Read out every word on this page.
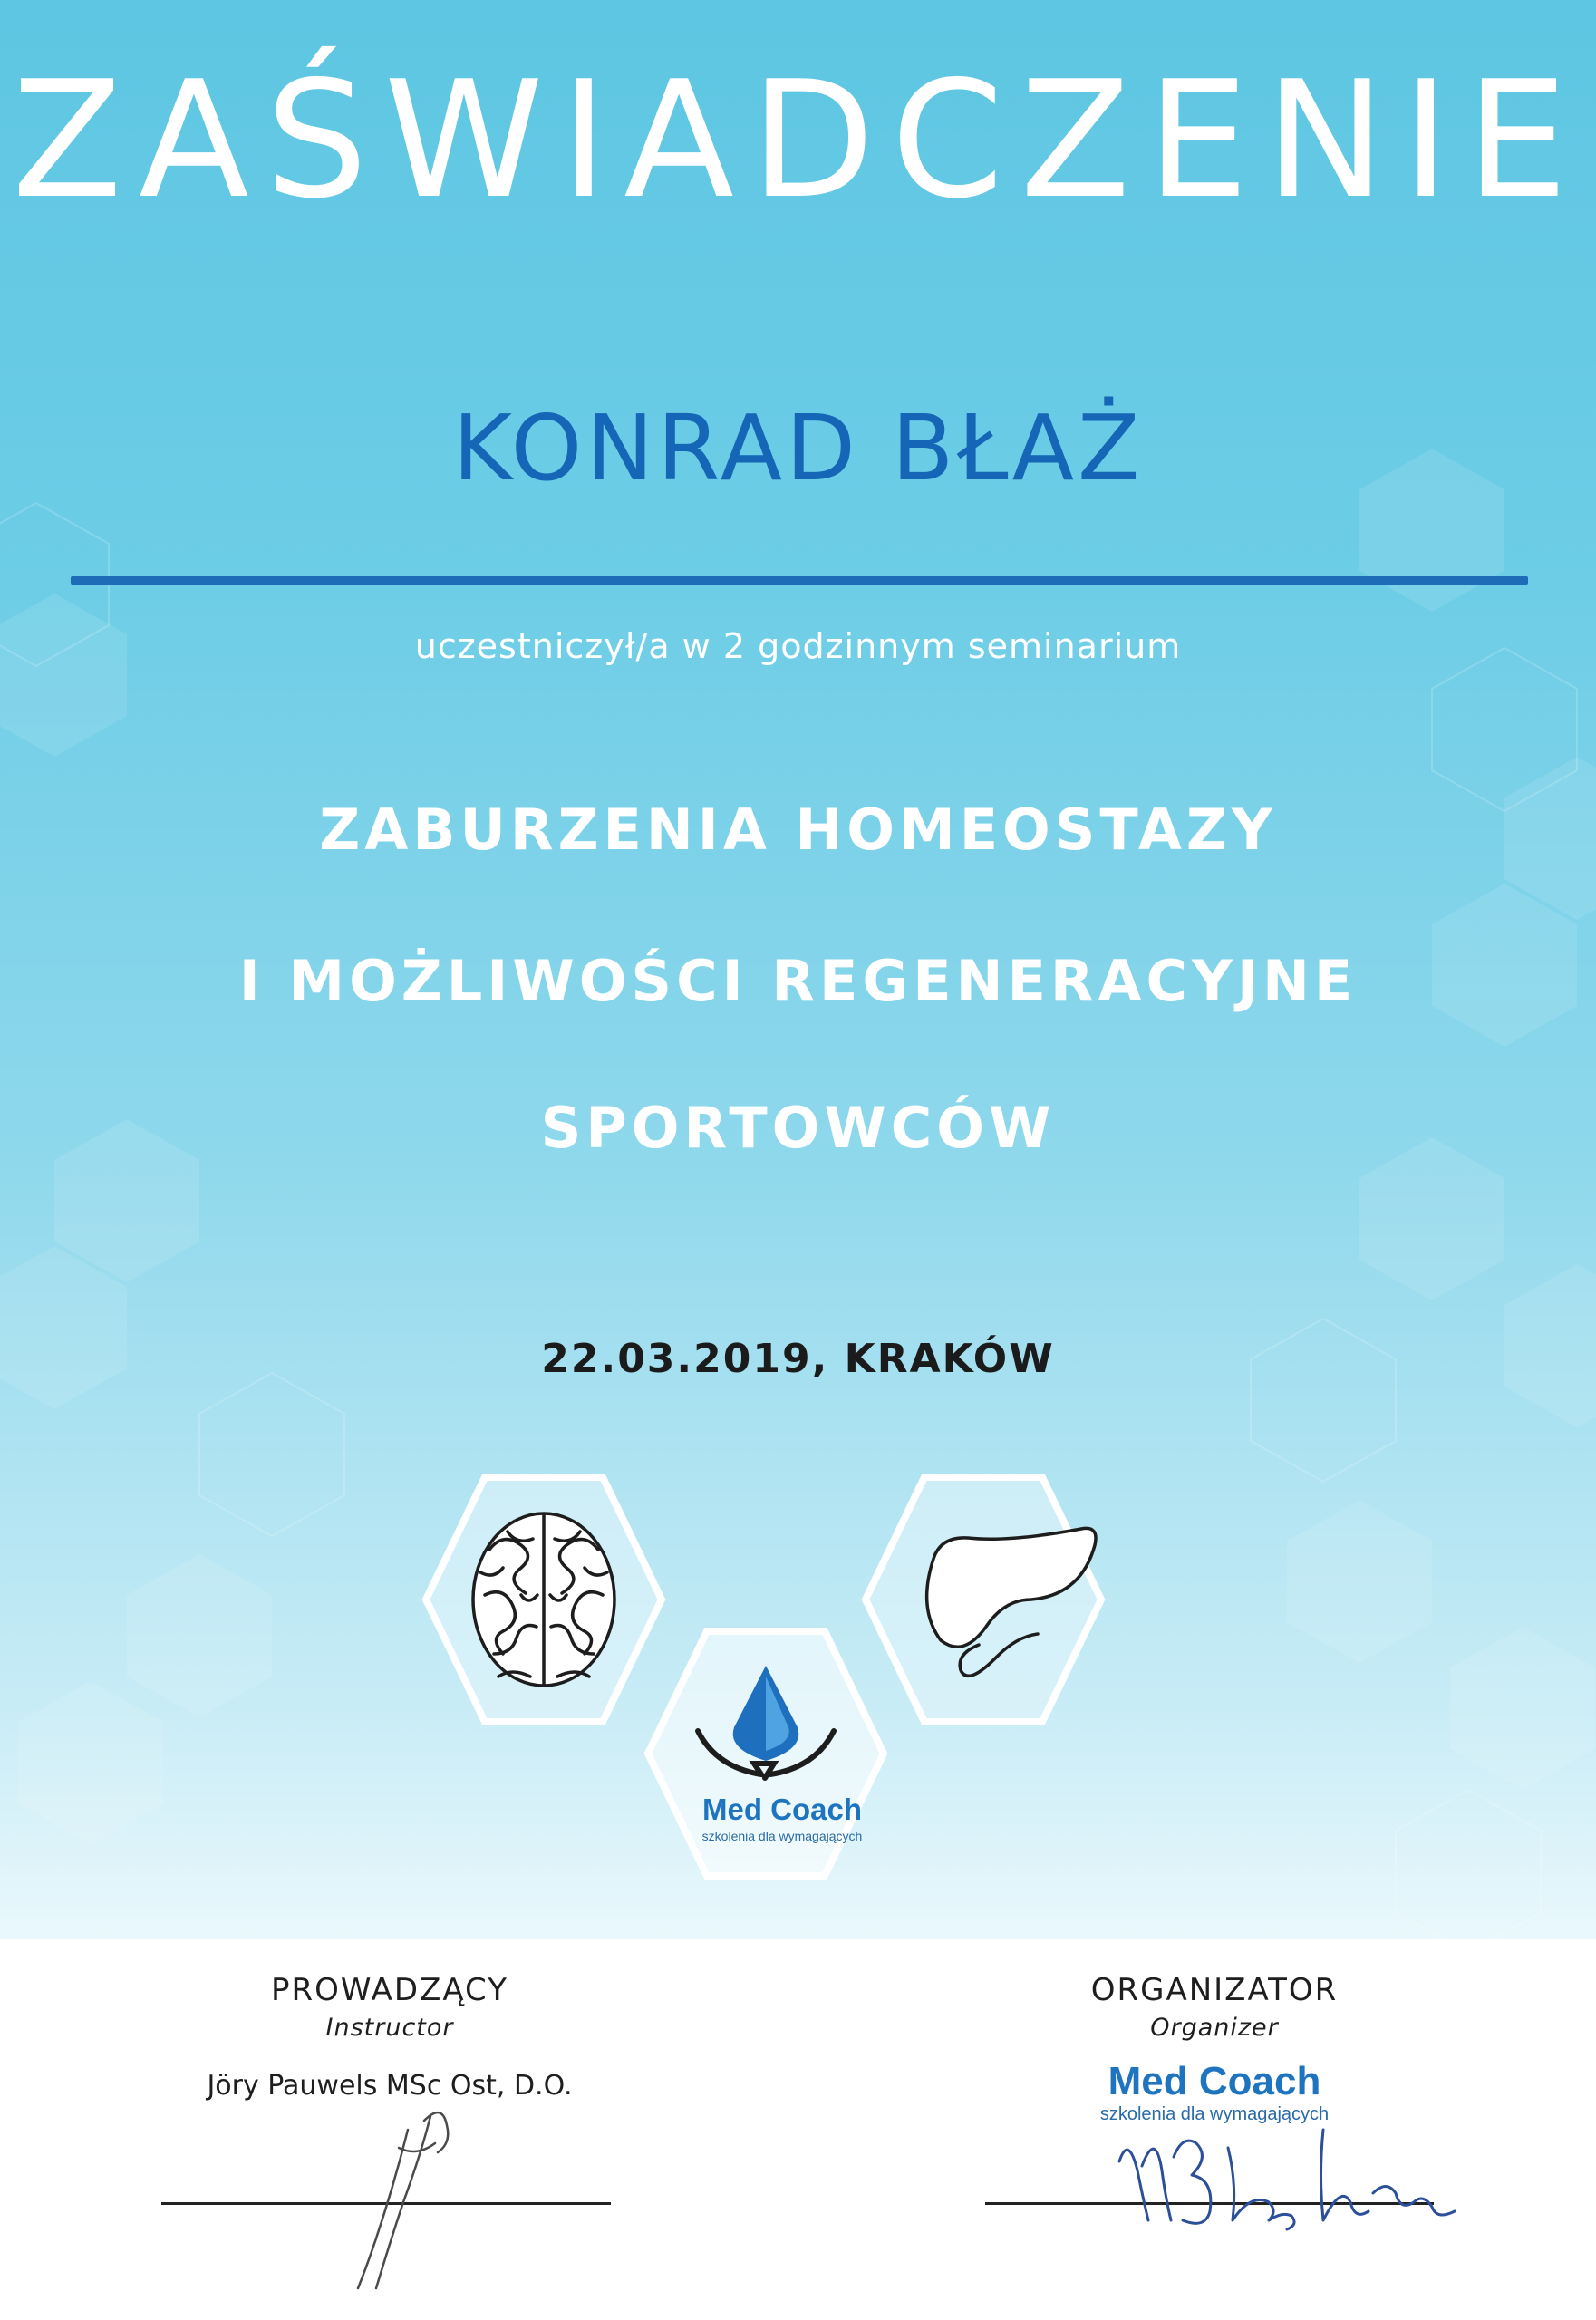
ZAŚWIADCZENIE
KONRAD BŁAŻ
uczestniczył/a w 2 godzinnym seminarium
ZABURZENIA HOMEOSTAZY
I MOŻLIWOŚCI REGENERACYJNE
SPORTOWCÓW
22.03.2019, KRAKÓW
Med Coach
szkolenia dla wymagających
PROWADZĄCY
Instructor
Jöry Pauwels MSc Ost, D.O.
ORGANIZATOR
Organizer
Med Coach
szkolenia dla wymagających
